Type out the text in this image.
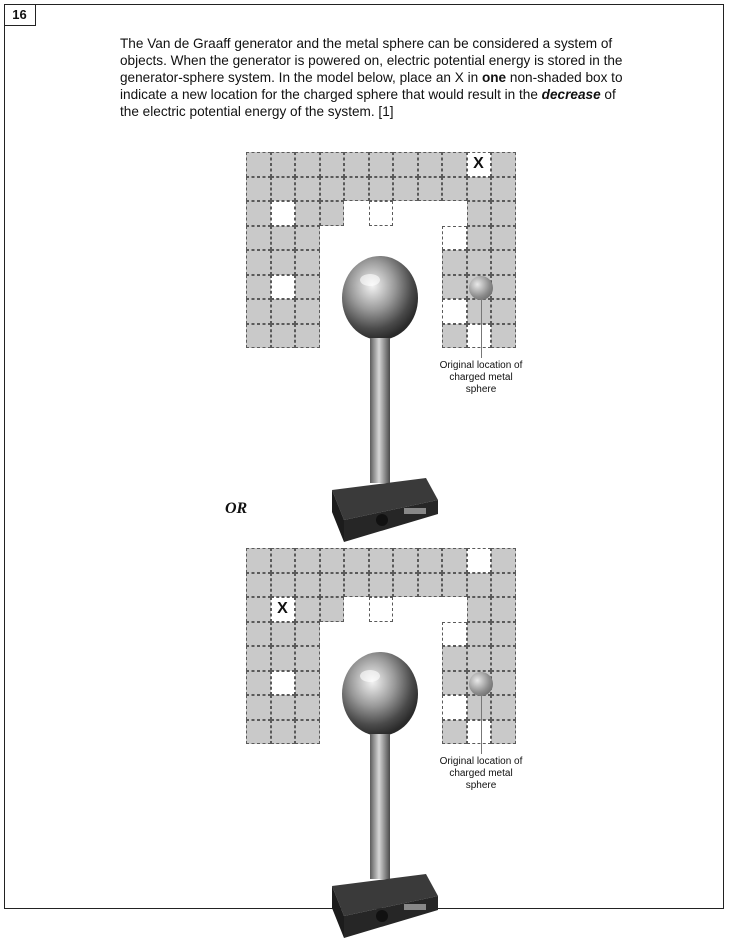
16
The Van de Graaff generator and the metal sphere can be considered a system of
objects. When the generator is powered on, electric potential energy is stored in the
generator-sphere system. In the model below, place an X in one non-shaded box to
indicate a new location for the charged sphere that would result in the decrease of
the electric potential energy of the system. [1]
X
Original location of
charged metal
sphere
OR
X
Original location of
charged metal
sphere
